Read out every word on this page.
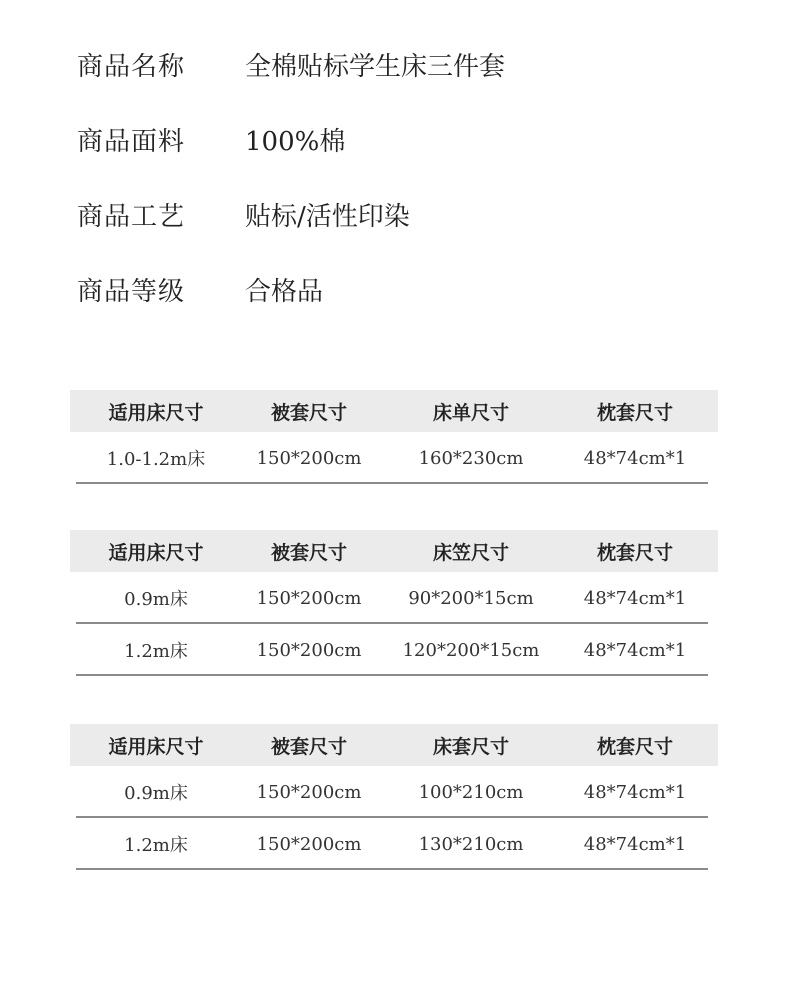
商品名称	全棉贴标学生床三件套
商品面料	100%棉
商品工艺	贴标/活性印染
商品等级	合格品
适用床尺寸	被套尺寸	床单尺寸	枕套尺寸
1.0-1.2m床	150*200cm	160*230cm	48*74cm*1
适用床尺寸	被套尺寸	床笠尺寸	枕套尺寸
0.9m床	150*200cm	90*200*15cm	48*74cm*1
1.2m床	150*200cm	120*200*15cm	48*74cm*1
适用床尺寸	被套尺寸	床套尺寸	枕套尺寸
0.9m床	150*200cm	100*210cm	48*74cm*1
1.2m床	150*200cm	130*210cm	48*74cm*1
